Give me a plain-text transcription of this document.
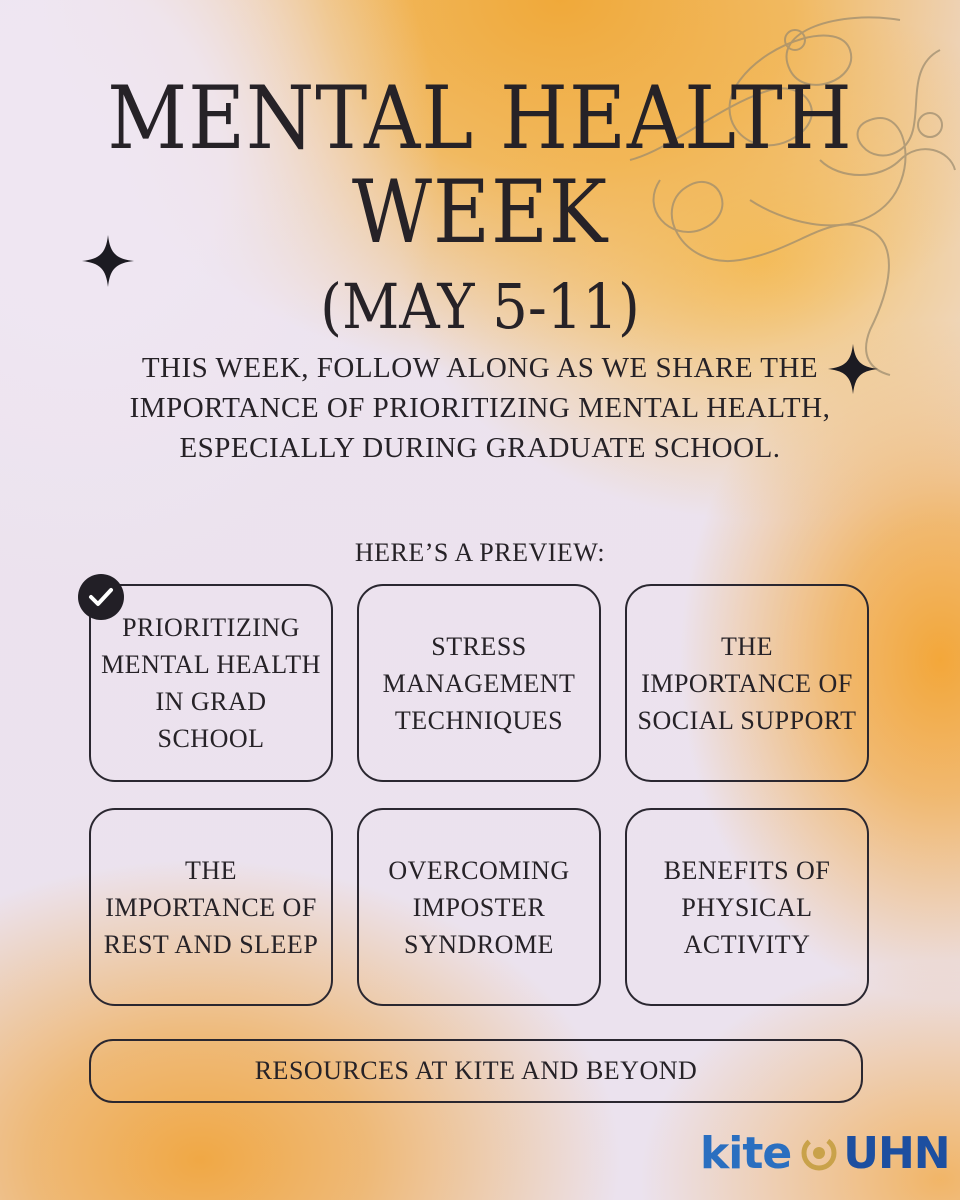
MENTAL HEALTH
WEEK
(MAY 5-11)
THIS WEEK, FOLLOW ALONG AS WE SHARE THE
IMPORTANCE OF PRIORITIZING MENTAL HEALTH,
ESPECIALLY DURING GRADUATE SCHOOL.
HERE’S A PREVIEW:
PRIORITIZING
MENTAL HEALTH
IN GRAD
SCHOOL
STRESS
MANAGEMENT
TECHNIQUES
THE
IMPORTANCE OF
SOCIAL SUPPORT
THE
IMPORTANCE OF
REST AND SLEEP
OVERCOMING
IMPOSTER
SYNDROME
BENEFITS OF
PHYSICAL
ACTIVITY
RESOURCES AT KITE AND BEYOND
kite UHN
